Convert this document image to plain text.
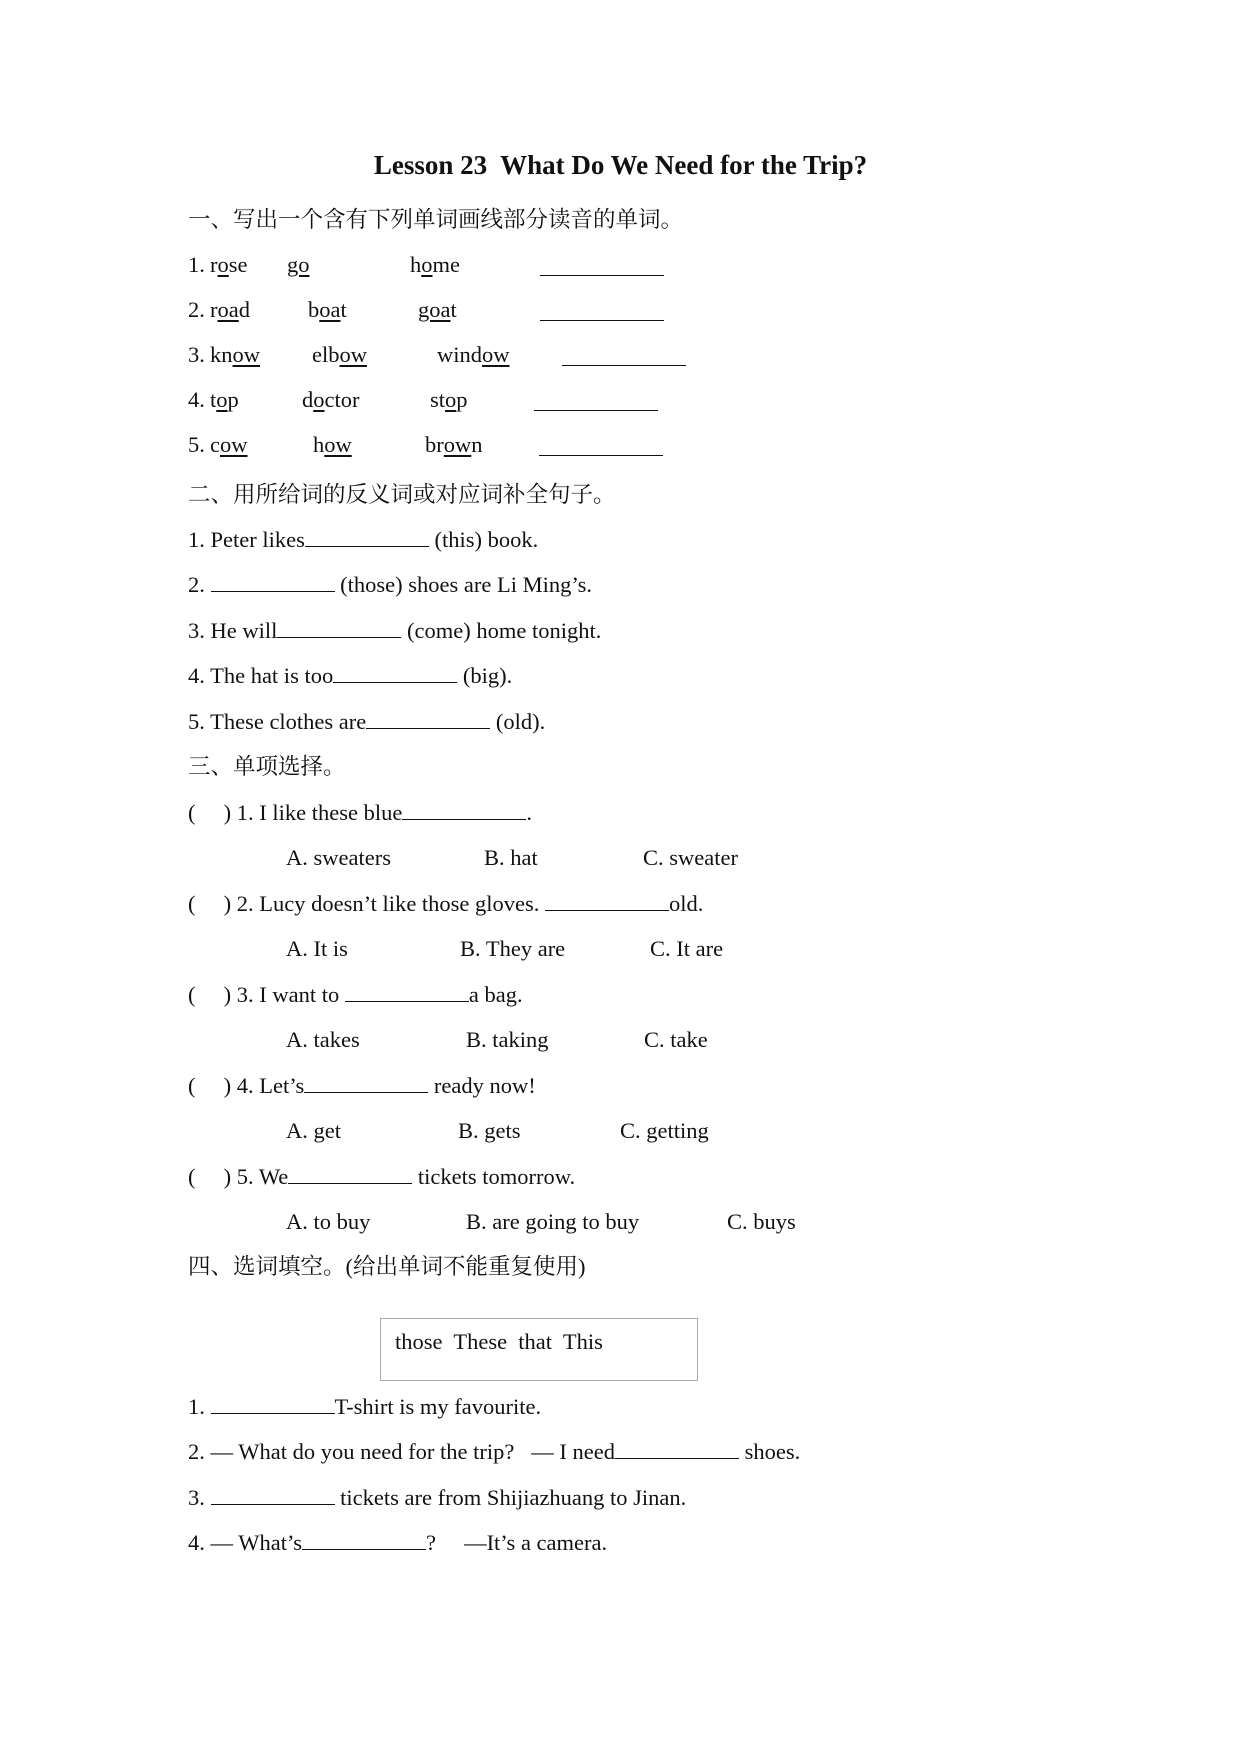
Lesson 23  What Do We Need for the Trip?
一、写出一个含有下列单词画线部分读音的单词。
1. rose go	home
2. road	boat	goat
3. know elbow	window
4. top	doctor	stop
5. cow	how	brown
二、用所给词的反义词或对应词补全句子。
1. Peter likes	(this) book.
2.	(those) shoes are Li Ming’s.
3. He will	(come) home tonight.
4. The hat is too	(big).
5. These clothes are	(old).
三、单项选择。
(     ) 1. I like these blue	.
A. sweaters	B. hat	C. sweater
(     ) 2. Lucy doesn’t like those gloves.	old.
A. It is	B. They are	C. It are
(     ) 3. I want to	a bag.
A. takes	B. taking	C. take
(     ) 4. Let’s	ready now!
A. get	B. gets	C. getting
(     ) 5. We	tickets tomorrow.
A. to buy	B. are going to buy	C. buys
四、选词填空。(给出单词不能重复使用)
those  These  that  This
1.	T-shirt is my favourite.
2. — What do you need for the trip?   — I need	shoes.
3.	tickets are from Shijiazhuang to Jinan.
4. — What’s	?     —It’s a camera.
